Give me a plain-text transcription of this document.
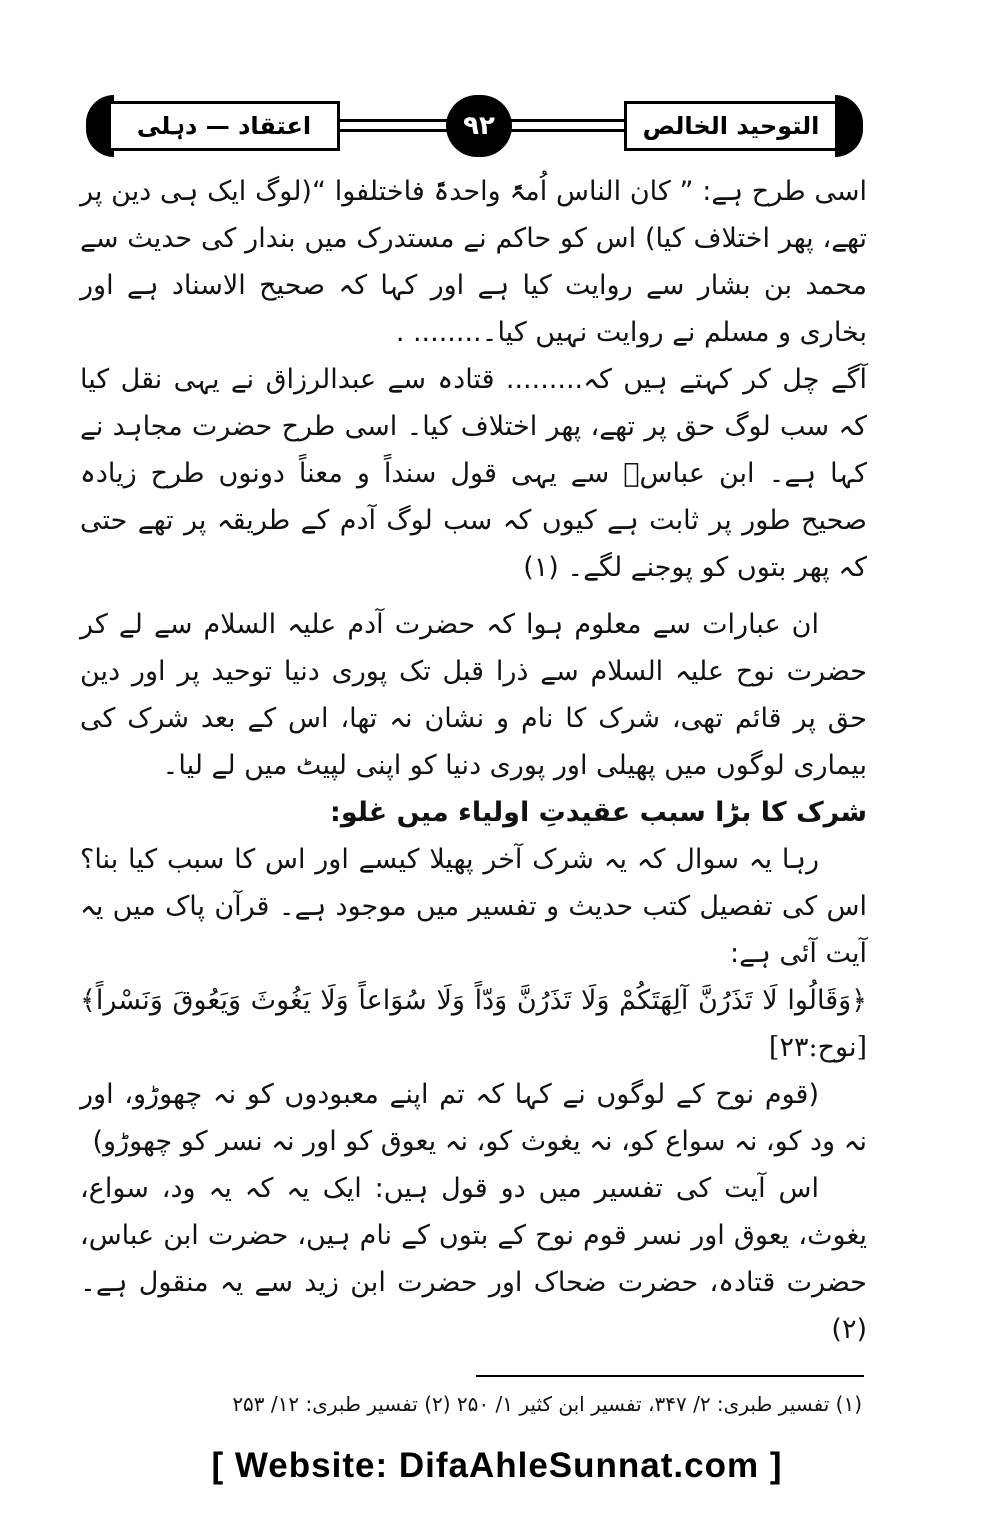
اعتقاد — دہلی	التوحید الخالص
۹۲

اسی طرح ہے: ” کان الناس اُمۃً واحدۃً فاختلفوا “(لوگ ایک ہی دین پر تھے، پھر اختلاف کیا) اس کو حاکم نے مستدرک میں بندار کی حدیث سے محمد بن بشار سے روایت کیا ہے اور کہا کہ صحیح الاسناد ہے اور بخاری و مسلم نے روایت نہیں کیا۔........ .

آگے چل کر کہتے ہیں کہ......... قتادہ سے عبدالرزاق نے یہی نقل کیا کہ سب لوگ حق پر تھے، پھر اختلاف کیا۔ اسی طرح حضرت مجاہد نے کہا ہے۔ ابن عباسؓ سے یہی قول سنداً و معناً دونوں طرح زیادہ صحیح طور پر ثابت ہے کیوں کہ سب لوگ آدم کے طریقہ پر تھے حتی کہ پھر بتوں کو پوجنے لگے۔ (۱)

ان عبارات سے معلوم ہوا کہ حضرت آدم علیہ السلام سے لے کر حضرت نوح علیہ السلام سے ذرا قبل تک پوری دنیا توحید پر اور دین حق پر قائم تھی، شرک کا نام و نشان نہ تھا، اس کے بعد شرک کی بیماری لوگوں میں پھیلی اور پوری دنیا کو اپنی لپیٹ میں لے لیا۔

شرک کا بڑا سبب عقیدتِ اولیاء میں غلو:

رہا یہ سوال کہ یہ شرک آخر پھیلا کیسے اور اس کا سبب کیا بنا؟ اس کی تفصیل کتب حدیث و تفسیر میں موجود ہے۔ قرآن پاک میں یہ آیت آئی ہے:

﴿وَقَالُوا لَا تَذَرُنَّ آلِهَتَكُمْ وَلَا تَذَرُنَّ وَدّاً وَلَا سُوَاعاً وَلَا يَغُوثَ وَيَعُوقَ وَنَسْراً﴾ [نوح:۲۳]

(قوم نوح کے لوگوں نے کہا کہ تم اپنے معبودوں کو نہ چھوڑو، اور نہ ود کو، نہ سواع کو، نہ یغوث کو، نہ یعوق کو اور نہ نسر کو چھوڑو)

اس آیت کی تفسیر میں دو قول ہیں: ایک یہ کہ یہ ود، سواع، یغوث، یعوق اور نسر قوم نوح کے بتوں کے نام ہیں، حضرت ابن عباس، حضرت قتادہ، حضرت ضحاک اور حضرت ابن زید سے یہ منقول ہے۔ (۲)

(۱) تفسیر طبری: ۲/ ۳۴۷، تفسیر ابن کثیر ۱/ ۲۵۰ (۲) تفسیر طبری: ۱۲/ ۲۵۳
[ Website: DifaAhleSunnat.com ]
